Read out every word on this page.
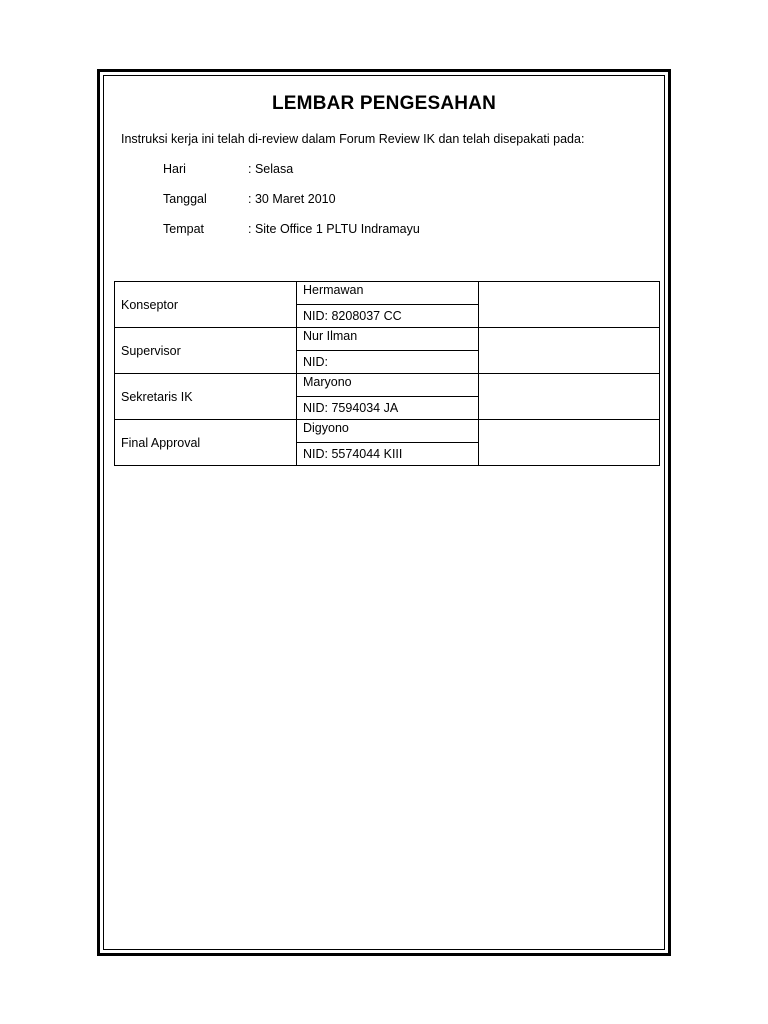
LEMBAR PENGESAHAN
Instruksi kerja ini telah di-review dalam Forum Review IK dan telah disepakati pada:
Hari	: Selasa
Tanggal	: 30 Maret 2010
Tempat	: Site Office 1 PLTU Indramayu
Konseptor	Hermawan	
	NID: 8208037 CC	
Supervisor	Nur Ilman	
	NID:	
Sekretaris IK	Maryono	
	NID: 7594034 JA	
Final Approval	Digyono	
	NID: 5574044 KIII	
